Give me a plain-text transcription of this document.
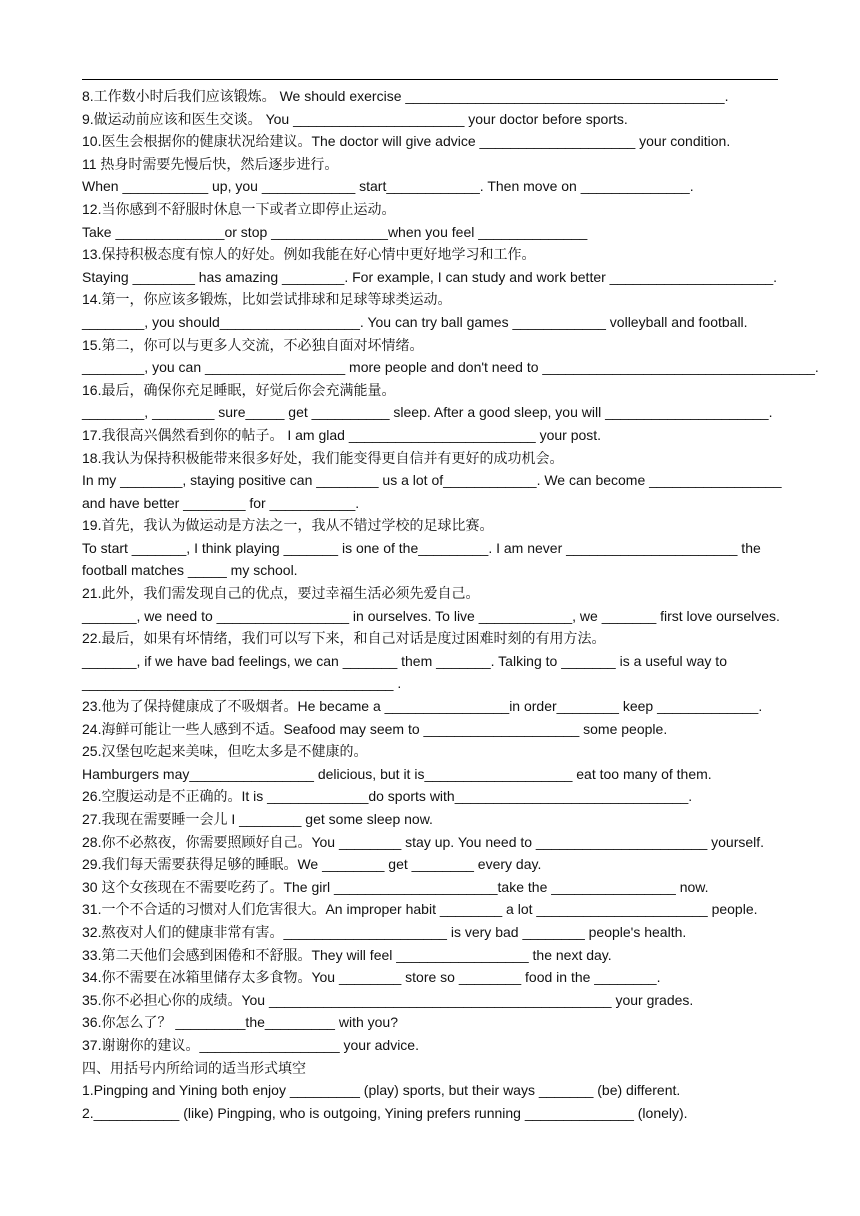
8.工作数小时后我们应该锻炼。 We should exercise _________________________________________.
9.做运动前应该和医生交谈。 You ______________________ your doctor before sports.
10.医生会根据你的健康状况给建议。The doctor will give advice ____________________ your condition.
11 热身时需要先慢后快，然后逐步进行。
When ___________ up, you ____________ start____________. Then move on ______________.
12.当你感到不舒服时休息一下或者立即停止运动。
Take ______________or stop _______________when you feel ______________
13.保持积极态度有惊人的好处。例如我能在好心情中更好地学习和工作。
Staying ________ has amazing ________. For example, I can study and work better _____________________.
14.第一，你应该多锻炼，比如尝试排球和足球等球类运动。
________, you should__________________. You can try ball games ____________ volleyball and football.
15.第二，你可以与更多人交流，不必独自面对坏情绪。
________, you can __________________ more people and don't need to ___________________________________.
16.最后，确保你充足睡眠，好觉后你会充满能量。
________, ________ sure_____ get __________ sleep. After a good sleep, you will _____________________.
17.我很高兴偶然看到你的帖子。 I am glad ________________________ your post.
18.我认为保持积极能带来很多好处，我们能变得更自信并有更好的成功机会。
In my ________, staying positive can ________ us a lot of____________. We can become _________________
and have better ________ for ___________.
19.首先，我认为做运动是方法之一，我从不错过学校的足球比赛。
To start _______, I think playing _______ is one of the_________. I am never ______________________ the
football matches _____ my school.
21.此外，我们需发现自己的优点，要过幸福生活必须先爱自己。
_______, we need to _________________ in ourselves. To live ____________, we _______ first love ourselves.
22.最后，如果有坏情绪，我们可以写下来，和自己对话是度过困难时刻的有用方法。
_______, if we have bad feelings, we can _______ them _______. Talking to _______ is a useful way to
________________________________________ .
23.他为了保持健康成了不吸烟者。He became a ________________in order________ keep _____________.
24.海鲜可能让一些人感到不适。Seafood may seem to ____________________ some people.
25.汉堡包吃起来美味，但吃太多是不健康的。
Hamburgers may________________ delicious, but it is___________________ eat too many of them.
26.空腹运动是不正确的。It is _____________do sports with______________________________.
27.我现在需要睡一会儿 I ________ get some sleep now.
28.你不必熬夜，你需要照顾好自己。You ________ stay up. You need to ______________________ yourself.
29.我们每天需要获得足够的睡眠。We ________ get ________ every day.
30 这个女孩现在不需要吃药了。The girl _____________________take the ________________ now.
31.一个不合适的习惯对人们危害很大。An improper habit ________ a lot ______________________ people.
32.熬夜对人们的健康非常有害。_____________________ is very bad ________ people's health.
33.第二天他们会感到困倦和不舒服。They will feel _________________ the next day.
34.你不需要在冰箱里储存太多食物。You ________ store so ________ food in the ________.
35.你不必担心你的成绩。You ____________________________________________ your grades.
36.你怎么了？ _________the_________ with you?
37.谢谢你的建议。__________________ your advice.
四、用括号内所给词的适当形式填空
1.Pingping and Yining both enjoy _________ (play) sports, but their ways _______ (be) different.
2.___________ (like) Pingping, who is outgoing, Yining prefers running ______________ (lonely).
